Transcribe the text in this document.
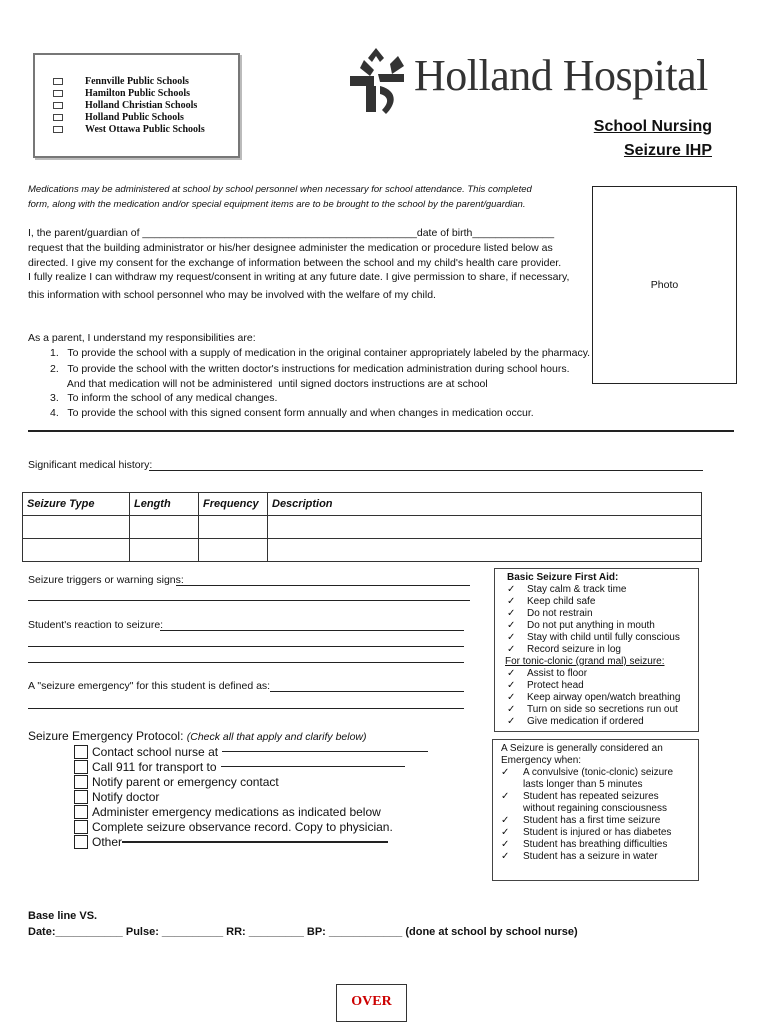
Fennville Public Schools
Hamilton Public Schools
Holland Christian Schools
Holland Public Schools
West Ottawa Public Schools
Holland Hospital
School Nursing
Seizure IHP
Medications may be administered at school by school personnel when necessary for school attendance. This completed form, along with the medication and/or special equipment items are to be brought to the school by the parent/guardian.
Photo
I, the parent/guardian of _______________________________________________date of birth______________
request that the building administrator or his/her designee administer the medication or procedure listed below as
directed. I give my consent for the exchange of information between the school and my child's health care provider.
I fully realize I can withdraw my request/consent in writing at any future date. I give permission to share, if necessary,
this information with school personnel who may be involved with the welfare of my child.
As a parent, I understand my responsibilities are:
1.   To provide the school with a supply of medication in the original container appropriately labeled by the pharmacy.
2.   To provide the school with the written doctor's instructions for medication administration during school hours.
And that medication will not be administered  until signed doctors instructions are at school
3.   To inform the school of any medical changes.
4.   To provide the school with this signed consent form annually and when changes in medication occur.
Significant medical history:
Seizure Type	Length	Frequency	Description

Seizure triggers or warning signs:
Student's reaction to seizure:
A "seizure emergency" for this student is defined as:
Basic Seizure First Aid:
✓ Stay calm & track time
✓ Keep child safe
✓ Do not restrain
✓ Do not put anything in mouth
✓ Stay with child until fully conscious
✓ Record seizure in log
For tonic-clonic (grand mal) seizure:
✓ Assist to floor
✓ Protect head
✓ Keep airway open/watch breathing
✓ Turn on side so secretions run out
✓ Give medication if ordered
A Seizure is generally considered an Emergency when:
✓	A convulsive (tonic-clonic) seizure lasts longer than 5 minutes
✓	Student has repeated seizures without regaining consciousness
✓	Student has a first time seizure
✓	Student is injured or has diabetes
✓	Student has breathing difficulties
✓	Student has a seizure in water
Seizure Emergency Protocol: (Check all that apply and clarify below)
Contact school nurse at
Call 911 for transport to
Notify parent or emergency contact
Notify doctor
Administer emergency medications as indicated below
Complete seizure observance record. Copy to physician.
Other
Base line VS.
Date:___________ Pulse: __________ RR: _________ BP: ____________ (done at school by school nurse)
OVER
